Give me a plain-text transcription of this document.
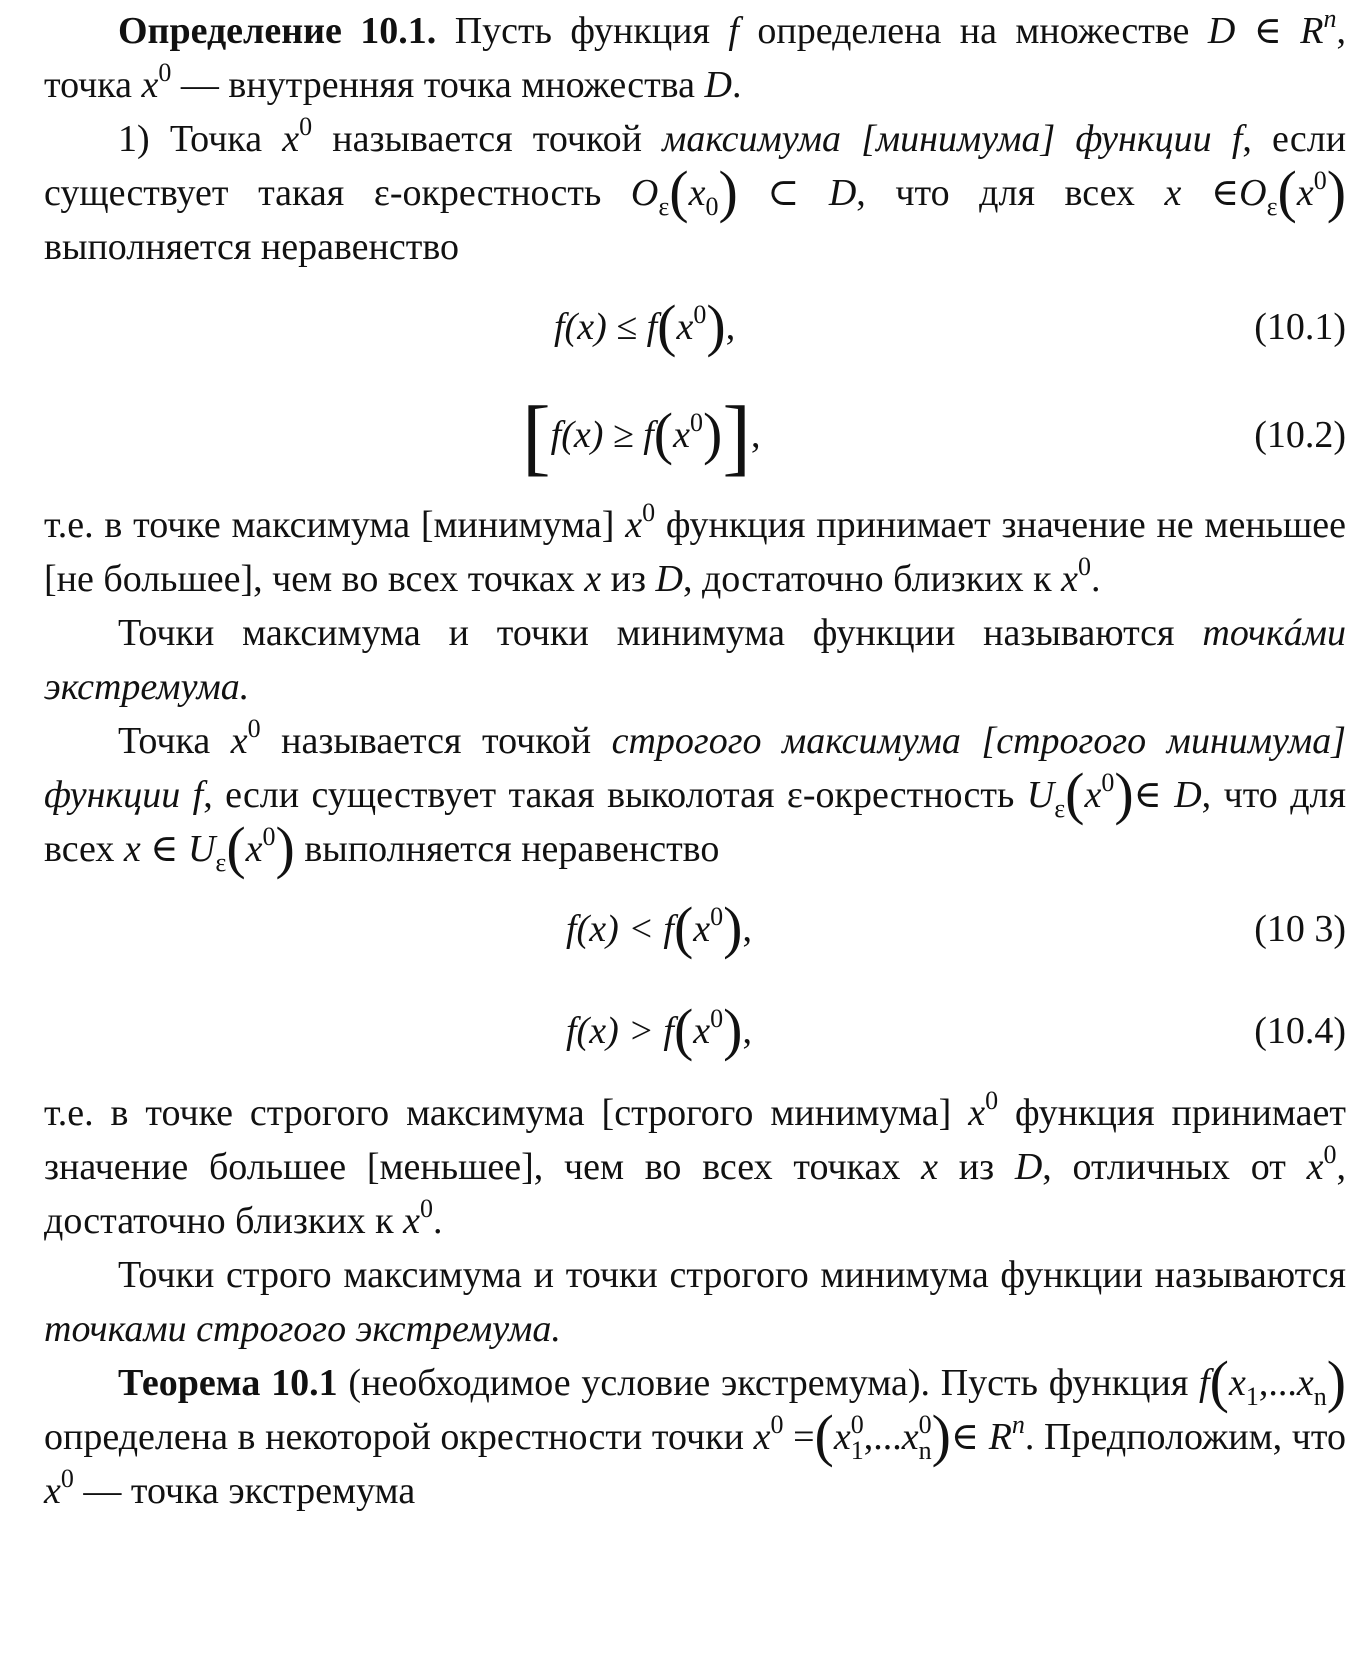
Определение 10.1. Пусть функция f определена на множестве D ∈ $R^n$, точка $x^0$ — внутренняя точка множества D.

1) Точка $x^0$ называется точкой максимума [минимума] функции f, если существует такая ε-окрестность $O_\varepsilon(x_0)$ ⊂ D, что для всех x $\in O_\varepsilon(x^0)$ выполняется неравенство

$f(x) \le f(x^0)$,	(10.1)
$[f(x) \ge f(x^0)]$,	(10.2)

т.е. в точке максимума [минимума] $x^0$ функция принимает значение не меньшее [не большее], чем во всех точках x из D, достаточно близких к $x^0$.

Точки максимума и точки минимума функции называются точкáми экстремума.

Точка $x^0$ называется точкой строгого максимума [строгого минимума] функции f, если существует такая выколотая ε-окрестность $U_\varepsilon(x^0)\in$ D, что для всех x ∈ $U_\varepsilon(x^0)$ выполняется неравенство

$f(x) < f(x^0)$,	(10 3)
$f(x) > f(x^0)$,	(10.4)

т.е. в точке строгого максимума [строгого минимума] $x^0$ функция принимает значение большее [меньшее], чем во всех точках x из D, отличных от $x^0$, достаточно близких к $x^0$.

Точки строго максимума и точки строгого минимума функции называются точками строгого экстремума.

Теорема 10.1 (необходимое условие экстремума). Пусть функция $f(x_1,...x_n)$ определена в некоторой окрестности точки $x^0$ $=(x^0_1,...x^0_n)\in$ $R^n$. Предположим, что $x^0$ — точка экстремума
